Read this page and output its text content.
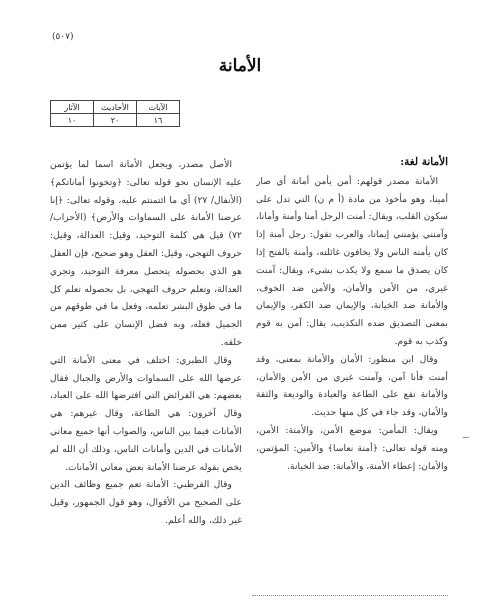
(٥٠٧)
الأمانة
الآيات	الأحاديث	الآثار
١٦	٢٠	١٠
الأمانة لغة:
الأمانة مصدر قولهم: أمن يأمن أمانة أي صار أمينا، وهو مأخوذ من مادة (أ م ن) التي تدل على سكون القلب، ويقال: أمنت الرجل أمنا وأمنة وأمانا، وآمنني يؤمنني إيمانا، والعرب تقول: رجل أمنة إذا كان يأمنه الناس ولا يخافون غائلته، وأمنة بالفتح إذا كان يصدق ما سمع ولا يكذب بشيء، ويقال: آمنت غيري، من الأمن والأمان، والأمن ضد الخوف، والأمانة ضد الخيانة، والإيمان ضد الكفر، والإيمان بمعنى التصديق ضده التكذيب، يقال: آمن به قوم وكذب به قوم.
وقال ابن منظور: الأمان والأمانة بمعنى، وقد أمنت فأنا آمن، وآمنت غيري من الأمن والأمان، والأمانة تقع على الطاعة والعبادة والوديعة والثقة والأمان، وقد جاء في كل منها حديث.
ويقال: المأمن: موضع الأمن، والأمنة: الأمن، ومنه قوله تعالى: ﴿أمنة نعاسا﴾ والأمين: المؤتمن، والأمان: إعطاء الأمنة، والأمانة: ضد الخيانة.
الأصل مصدر، ويجعل الأمانة اسما لما يؤتمن عليه الإنسان نحو قوله تعالى: ﴿وتخونوا أماناتكم﴾ (الأنفال/ ٢٧) أي ما ائتمنتم عليه، وقوله تعالى: ﴿إنا عرضنا الأمانة على السماوات والأرض﴾ (الأحزاب/ ٧٢) قيل هي كلمة التوحيد، وقيل: العدالة، وقيل: حروف التهجي، وقيل: العقل وهو صحيح، فإن العقل هو الذي بحصوله يتحصل معرفة التوحيد، وتجري العدالة، وتعلم حروف التهجي، بل بحصوله تعلم كل ما في طوق البشر تعلمه، وفعل ما في طوقهم من الجميل فعله، وبه فضل الإنسان على كثير ممن خلقه.
وقال الطبري: اختلف في معنى الأمانة التي عرضها الله على السماوات والأرض والجبال فقال بعضهم: هي الفرائض التي افترضها الله على العباد، وقال آخرون: هي الطاعة، وقال غيرهم: هي الأمانات فيما بين الناس، والصواب أنها جميع معاني الأمانات في الدين وأمانات الناس، وذلك أن الله لم يخص بقوله عرضنا الأمانة بعض معاني الأمانات.
وقال القرطبي: الأمانة تعم جميع وظائف الدين على الصحيح من الأقوال، وهو قول الجمهور، وقيل غير ذلك، والله أعلم.
